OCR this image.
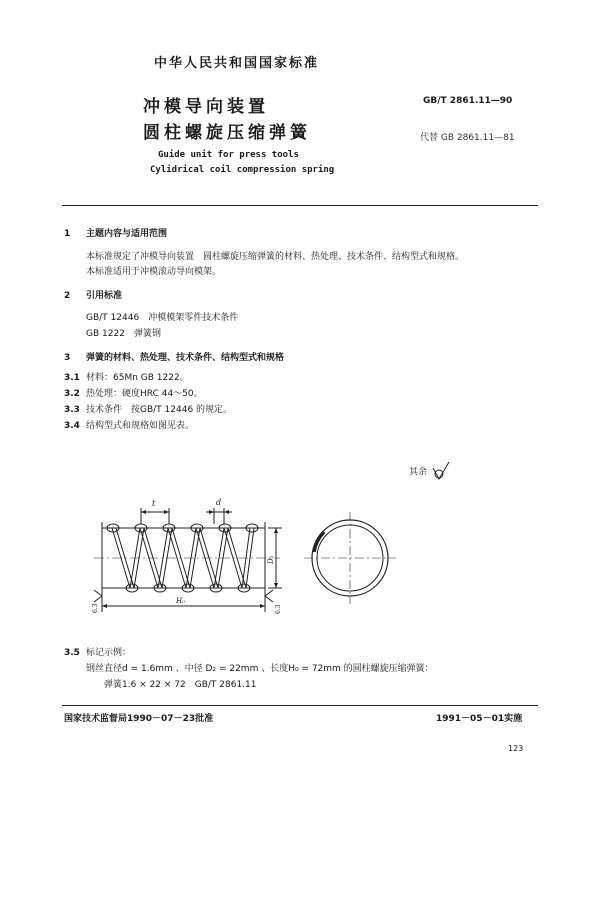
中华人民共和国国家标准
冲模导向装置
圆柱螺旋压缩弹簧
GB/T 2861.11—90
代替 GB 2861.11—81
Guide unit for press tools
Cylidrical coil compression spring
1 主题内容与适用范围
本标准规定了冲模导向装置　圆柱螺旋压缩弹簧的材料、热处理、技术条件、结构型式和规格。
本标准适用于冲模滚动导向模架。
2 引用标准
GB/T 12446　 冲模模架零件技术条件
GB 1222　 弹簧钢
3 弹簧的材料、热处理、技术条件、结构型式和规格
3.1 材料：65Mn GB 1222。
3.2 热处理：硬度HRC 44～50。
3.3 技术条件　按GB/T 12446 的规定。
3.4 结构型式和规格如图见表。
其余
t	d
D₂
H₀
6.3	6.3
3.5 标记示例：
钢丝直径d = 1.6mm 、中径 D₂ = 22mm 、长度H₀ = 72mm 的圆柱螺旋压缩弹簧：
弹簧1.6 × 22 × 72　GB/T 2861.11
国家技术监督局1990－07－23批准	1991－05－01实施
123
